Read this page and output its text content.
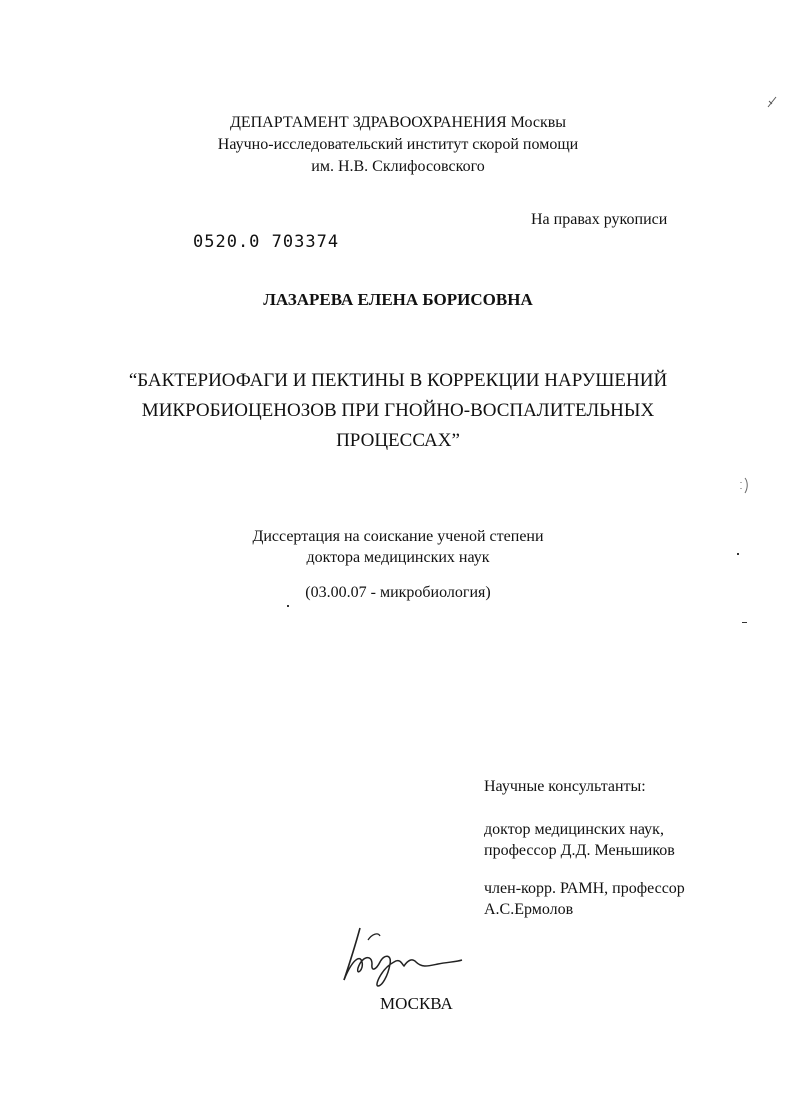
ДЕПАРТАМЕНТ ЗДРАВООХРАНЕНИЯ Москвы
Научно-исследовательский институт скорой помощи
им. Н.В. Склифосовского
На правах рукописи
0520.0 703374
ЛАЗАРЕВА ЕЛЕНА БОРИСОВНА
“БАКТЕРИОФАГИ И ПЕКТИНЫ В КОРРЕКЦИИ НАРУШЕНИЙ
МИКРОБИОЦЕНОЗОВ ПРИ ГНОЙНО-ВОСПАЛИТЕЛЬНЫХ
ПРОЦЕССАХ”
Диссертация на соискание ученой степени
доктора медицинских наук
(03.00.07 - микробиология)
Научные консультанты:
доктор медицинских наук,
профессор Д.Д. Меньшиков
член-корр. РАМН, профессор
А.С.Ермолов
МОСКВА
